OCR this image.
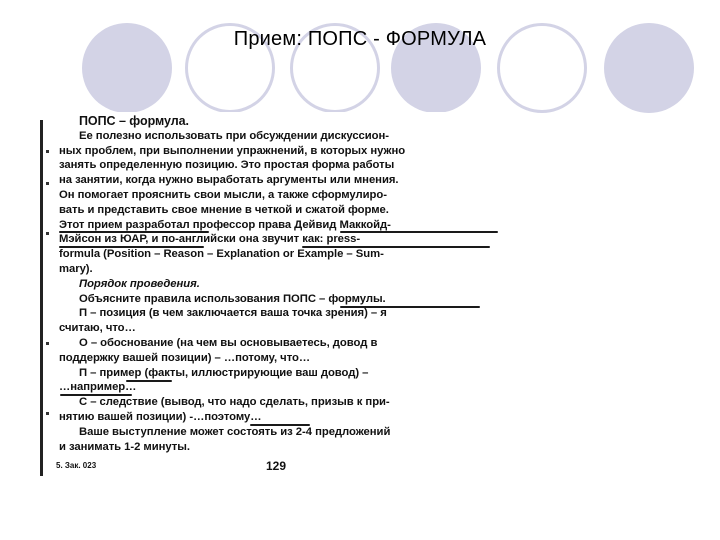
Прием: ПОПС - ФОРМУЛА
ПОПС – формула.
Ее полезно использовать при обсуждении дискуссион-
ных проблем, при выполнении упражнений, в которых нужно
занять определенную позицию. Это простая форма работы
на занятии, когда нужно выработать аргументы или мнения.
Он помогает прояснить свои мысли, а также сформулиро-
вать и представить свое мнение в четкой и сжатой форме.
Этот прием разработал профессор права Дейвид Маккойд-
Мэйсон из ЮАР, и по-английски она звучит как: press-
formula (Position – Reason – Explanation or Example – Sum-
mary).
Порядок проведения.
Объясните правила использования ПОПС – формулы.
П – позиция (в чем заключается ваша точка зрения) – я
считаю, что…
О – обоснование (на чем вы основываетесь, довод в
поддержку вашей позиции) – …потому, что…
П – пример (факты, иллюстрирующие ваш довод) –
…например…
С – следствие (вывод, что надо сделать, призыв к при-
нятию вашей позиции) -…поэтому…
Ваше выступление может состоять из 2-4 предложений
и занимать 1-2 минуты.
5. Зак. 023	129
